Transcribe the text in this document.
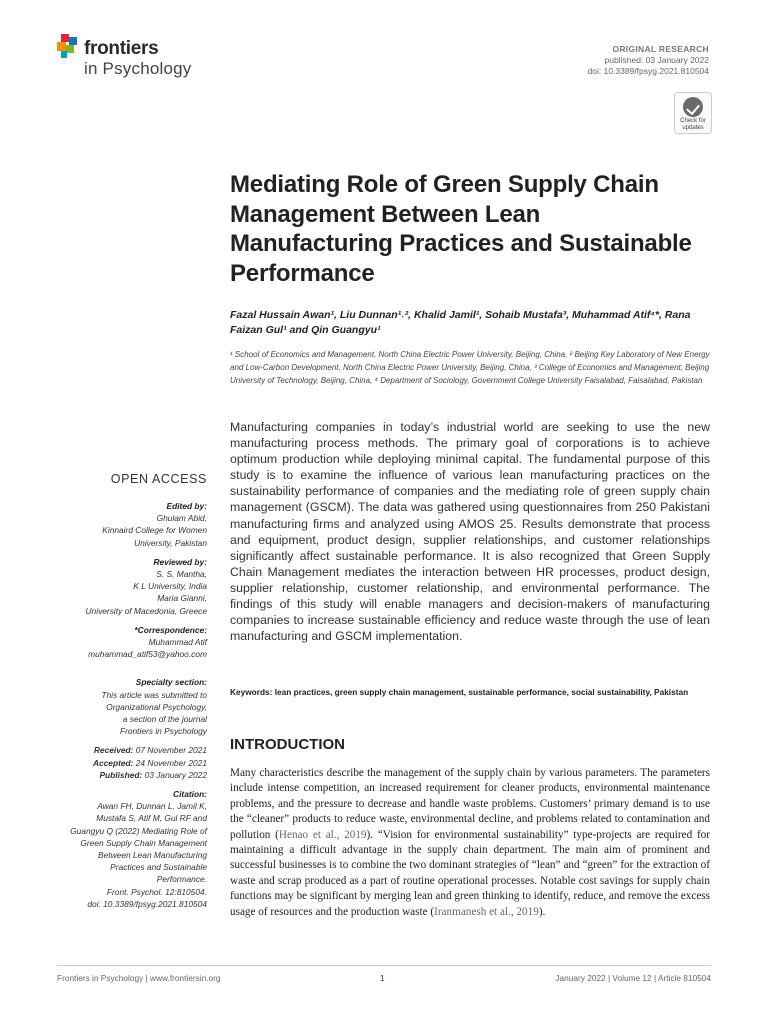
frontiers
in Psychology
ORIGINAL RESEARCH
published: 03 January 2022
doi: 10.3389/fpsyg.2021.810504
Check for
updates
Mediating Role of Green Supply Chain Management Between Lean Manufacturing Practices and Sustainable Performance
Fazal Hussain Awan¹, Liu Dunnan¹˒², Khalid Jamil¹, Sohaib Mustafa³, Muhammad Atif⁴*, Rana Faizan Gul¹ and Qin Guangyu¹
¹ School of Economics and Management, North China Electric Power University, Beijing, China, ² Beijing Key Laboratory of New Energy and Low-Carbon Development, North China Electric Power University, Beijing, China, ³ College of Economics and Management, Beijing University of Technology, Beijing, China, ⁴ Department of Sociology, Government College University Faisalabad, Faisalabad, Pakistan
Manufacturing companies in today’s industrial world are seeking to use the new manufacturing process methods. The primary goal of corporations is to achieve optimum production while deploying minimal capital. The fundamental purpose of this study is to examine the influence of various lean manufacturing practices on the sustainability performance of companies and the mediating role of green supply chain management (GSCM). The data was gathered using questionnaires from 250 Pakistani manufacturing firms and analyzed using AMOS 25. Results demonstrate that process and equipment, product design, supplier relationships, and customer relationships significantly affect sustainable performance. It is also recognized that Green Supply Chain Management mediates the interaction between HR processes, product design, supplier relationship, customer relationship, and environmental performance. The findings of this study will enable managers and decision-makers of manufacturing companies to increase sustainable efficiency and reduce waste through the use of lean manufacturing and GSCM implementation.
Keywords: lean practices, green supply chain management, sustainable performance, social sustainability, Pakistan
INTRODUCTION
Many characteristics describe the management of the supply chain by various parameters. The parameters include intense competition, an increased requirement for cleaner products, environmental maintenance problems, and the pressure to decrease and handle waste problems. Customers’ primary demand is to use the “cleaner” products to reduce waste, environmental decline, and problems related to contamination and pollution (Henao et al., 2019). “Vision for environmental sustainability” type-projects are required for maintaining a difficult advantage in the supply chain department. The main aim of prominent and successful businesses is to combine the two dominant strategies of “lean” and “green” for the extraction of waste and scrap produced as a part of routine operational processes. Notable cost savings for supply chain functions may be significant by merging lean and green thinking to identify, reduce, and remove the excess usage of resources and the production waste (Iranmanesh et al., 2019).
OPEN ACCESS
Edited by:
Ghulam Abid,
Kinnaird College for Women
University, Pakistan
Reviewed by:
S. S. Mantha,
K L University, India
Maria Gianni,
University of Macedonia, Greece
*Correspondence:
Muhammad Atif
muhammad_atif53@yahoo.com
Specialty section:
This article was submitted to
Organizational Psychology,
a section of the journal
Frontiers in Psychology
Received: 07 November 2021
Accepted: 24 November 2021
Published: 03 January 2022
Citation:
Awan FH, Dunnan L, Jamil K,
Mustafa S, Atif M, Gul RF and
Guangyu Q (2022) Mediating Role of
Green Supply Chain Management
Between Lean Manufacturing
Practices and Sustainable
Performance.
Front. Psychol. 12:810504.
doi: 10.3389/fpsyg.2021.810504
Frontiers in Psychology | www.frontiersin.org	1	January 2022 | Volume 12 | Article 810504
